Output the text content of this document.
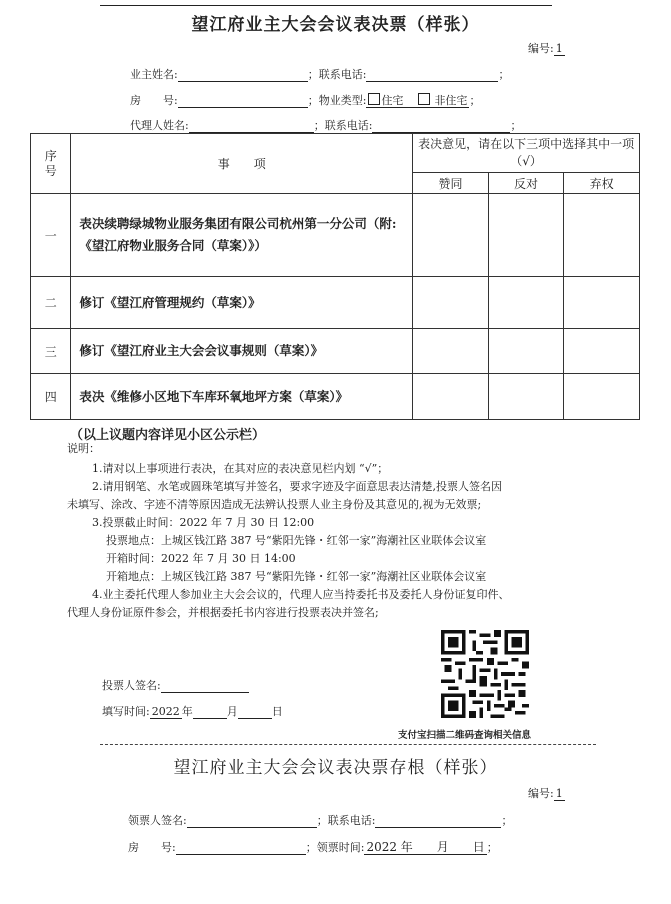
望江府业主大会会议表决票（样张）
编号: 1
业主姓名:	；联系电话:	；
房　　号:	；物业类型: 住宅　	非住宅 ；
代理人姓名:	；联系电话:	；
序号	事　　项	表决意见，请在以下三项中选择其中一项（√）		
		赞同	反对	弃权
一	表决续聘绿城物业服务集团有限公司杭州第一分公司（附:《望江府物业服务合同（草案）》）			
二	修订《望江府管理规约（草案）》			
三	修订《望江府业主大会会议事规则（草案）》			
四	表决《维修小区地下车库环氧地坪方案（草案）》			
（以上议题内容详见小区公示栏）
说明：
1.请对以上事项进行表决，在其对应的表决意见栏内划 “√”；
2.请用钢笔、水笔或圆珠笔填写并签名，要求字迹及字面意思表达清楚,投票人签名因
未填写、涂改、字迹不清等原因造成无法辨认投票人业主身份及其意见的,视为无效票;
3.投票截止时间：2022 年 7 月 30 日 12:00
投票地点：上城区钱江路 387 号“紫阳先锋・红邻一家”海潮社区业联体会议室
开箱时间：2022 年 7 月 30 日 14:00
开箱地点：上城区钱江路 387 号“紫阳先锋・红邻一家”海潮社区业联体会议室
4.业主委托代理人参加业主大会会议的，代理人应当持委托书及委托人身份证复印件、
代理人身份证原件参会，并根据委托书内容进行投票表决并签名;
支付宝扫描二维码查询相关信息
投票人签名:
填写时间: 2022 年	月	日
望江府业主大会会议表决票存根（样张）
编号: 1
领票人签名:	；联系电话:	；
房　　号:	；领票时间: 2022 年　　月　　日 ；
